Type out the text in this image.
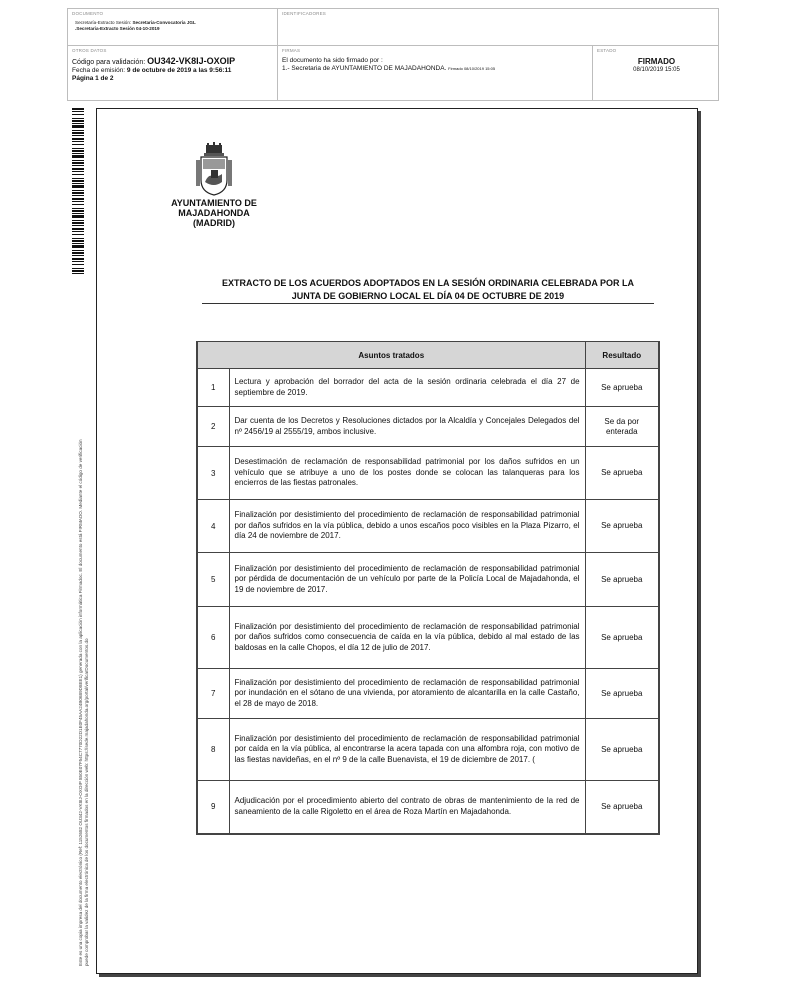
DOCUMENTO
Secretaría-Extracto Sesión: Secretaria-Convocatoria JGL
.Secretaria-Extracto Sesión 04-10-2019
IDENTIFICADORES
OTROS DATOS
Código para validación: OU342-VK8IJ-OXOIP
Fecha de emisión: 9 de octubre de 2019 a las 9:56:11
Página 1 de 2
FIRMAS
El documento ha sido firmado por :
1.- Secretaria de AYUNTAMIENTO DE MAJADAHONDA. Firmado 08/10/2019 15:05
ESTADO
FIRMADO
08/10/2019 15:05
Este es una copia impresa del documento electrónico (Ref: 1152682 OU342-VK8IJ-OXOIP 850E07F54C7770D22D1E0F45AA24B0689D8EE1) generada con la aplicación informática Firmadoc. El documento está FIRMADO. Mediante el código de verificación puede comprobar la validez de la firma electrónica de los documentos firmados en la dirección web: https://sede.majadahonda.org/portal/verificarDocumentos.do
AYUNTAMIENTO DE
MAJADAHONDA
(MADRID)
EXTRACTO DE LOS ACUERDOS ADOPTADOS EN LA SESIÓN ORDINARIA CELEBRADA POR LA
JUNTA DE GOBIERNO LOCAL EL DÍA 04 DE OCTUBRE DE 2019
Asuntos tratados		Resultado
1	Lectura y aprobación del borrador del acta de la sesión ordinaria celebrada el día 27 de septiembre de 2019.	Se aprueba
2	Dar cuenta de los Decretos y Resoluciones dictados por la Alcaldía y Concejales Delegados del nº 2456/19 al 2555/19, ambos inclusive.	Se da por enterada
3	Desestimación de reclamación de responsabilidad patrimonial por los daños sufridos en un vehículo que se atribuye a uno de los postes donde se colocan las talanqueras para los encierros de las fiestas patronales.	Se aprueba
4	Finalización por desistimiento del procedimiento de reclamación de responsabilidad patrimonial por daños sufridos en la vía pública, debido a unos escaños poco visibles en la Plaza Pizarro, el día 24 de noviembre de 2017.	Se aprueba
5	Finalización por desistimiento del procedimiento de reclamación de responsabilidad patrimonial por pérdida de documentación de un vehículo por parte de la Policía Local de Majadahonda, el 19 de noviembre de 2017.	Se aprueba
6	Finalización por desistimiento del procedimiento de reclamación de responsabilidad patrimonial por daños sufridos como consecuencia de caída en la vía pública, debido al mal estado de las baldosas en la calle Chopos, el día 12 de julio de 2017.	Se aprueba
7	Finalización por desistimiento del procedimiento de reclamación de responsabilidad patrimonial por inundación en el sótano de una vivienda, por atoramiento de alcantarilla en la calle Castaño, el 28 de mayo de 2018.	Se aprueba
8	Finalización por desistimiento del procedimiento de reclamación de responsabilidad patrimonial por caída en la vía pública, al encontrarse la acera tapada con una alfombra roja, con motivo de las fiestas navideñas, en el nº 9 de la calle Buenavista, el 19 de diciembre de 2017. (	Se aprueba
9	Adjudicación por el procedimiento abierto del contrato de obras de mantenimiento de la red de saneamiento de la calle Rigoletto en el área de Roza Martín en Majadahonda.	Se aprueba
